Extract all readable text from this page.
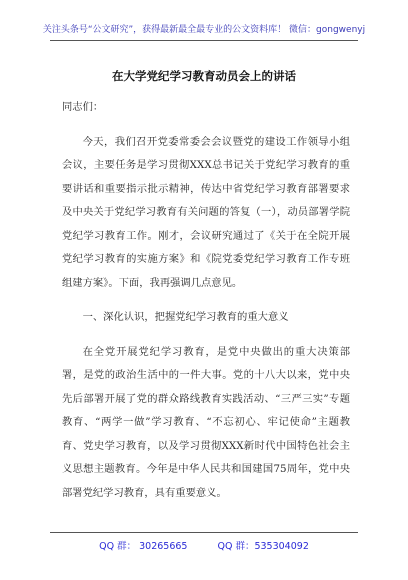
关注头条号“公文研究”，获得最新最全最专业的公文资料库！ 微信：gongwenyj
在大学党纪学习教育动员会上的讲话

同志们：

今天，我们召开党委常委会会议暨党的建设工作领导小组会议，主要任务是学习贯彻XXX总书记关于党纪学习教育的重要讲话和重要指示批示精神，传达中省党纪学习教育部署要求及中央关于党纪学习教育有关问题的答复（一），动员部署学院党纪学习教育工作。刚才，会议研究通过了《关于在全院开展党纪学习教育的实施方案》和《院党委党纪学习教育工作专班组建方案》。下面，我再强调几点意见。

一、深化认识，把握党纪学习教育的重大意义

在全党开展党纪学习教育，是党中央做出的重大决策部署，是党的政治生活中的一件大事。党的十八大以来，党中央先后部署开展了党的群众路线教育实践活动、“三严三实”专题教育、“两学一做”学习教育、“不忘初心、牢记使命”主题教育、党史学习教育，以及学习贯彻XXX新时代中国特色社会主义思想主题教育。今年是中华人民共和国建国75周年，党中央部署党纪学习教育，具有重要意义。

QQ 群： 30265665	QQ 群：535304092
